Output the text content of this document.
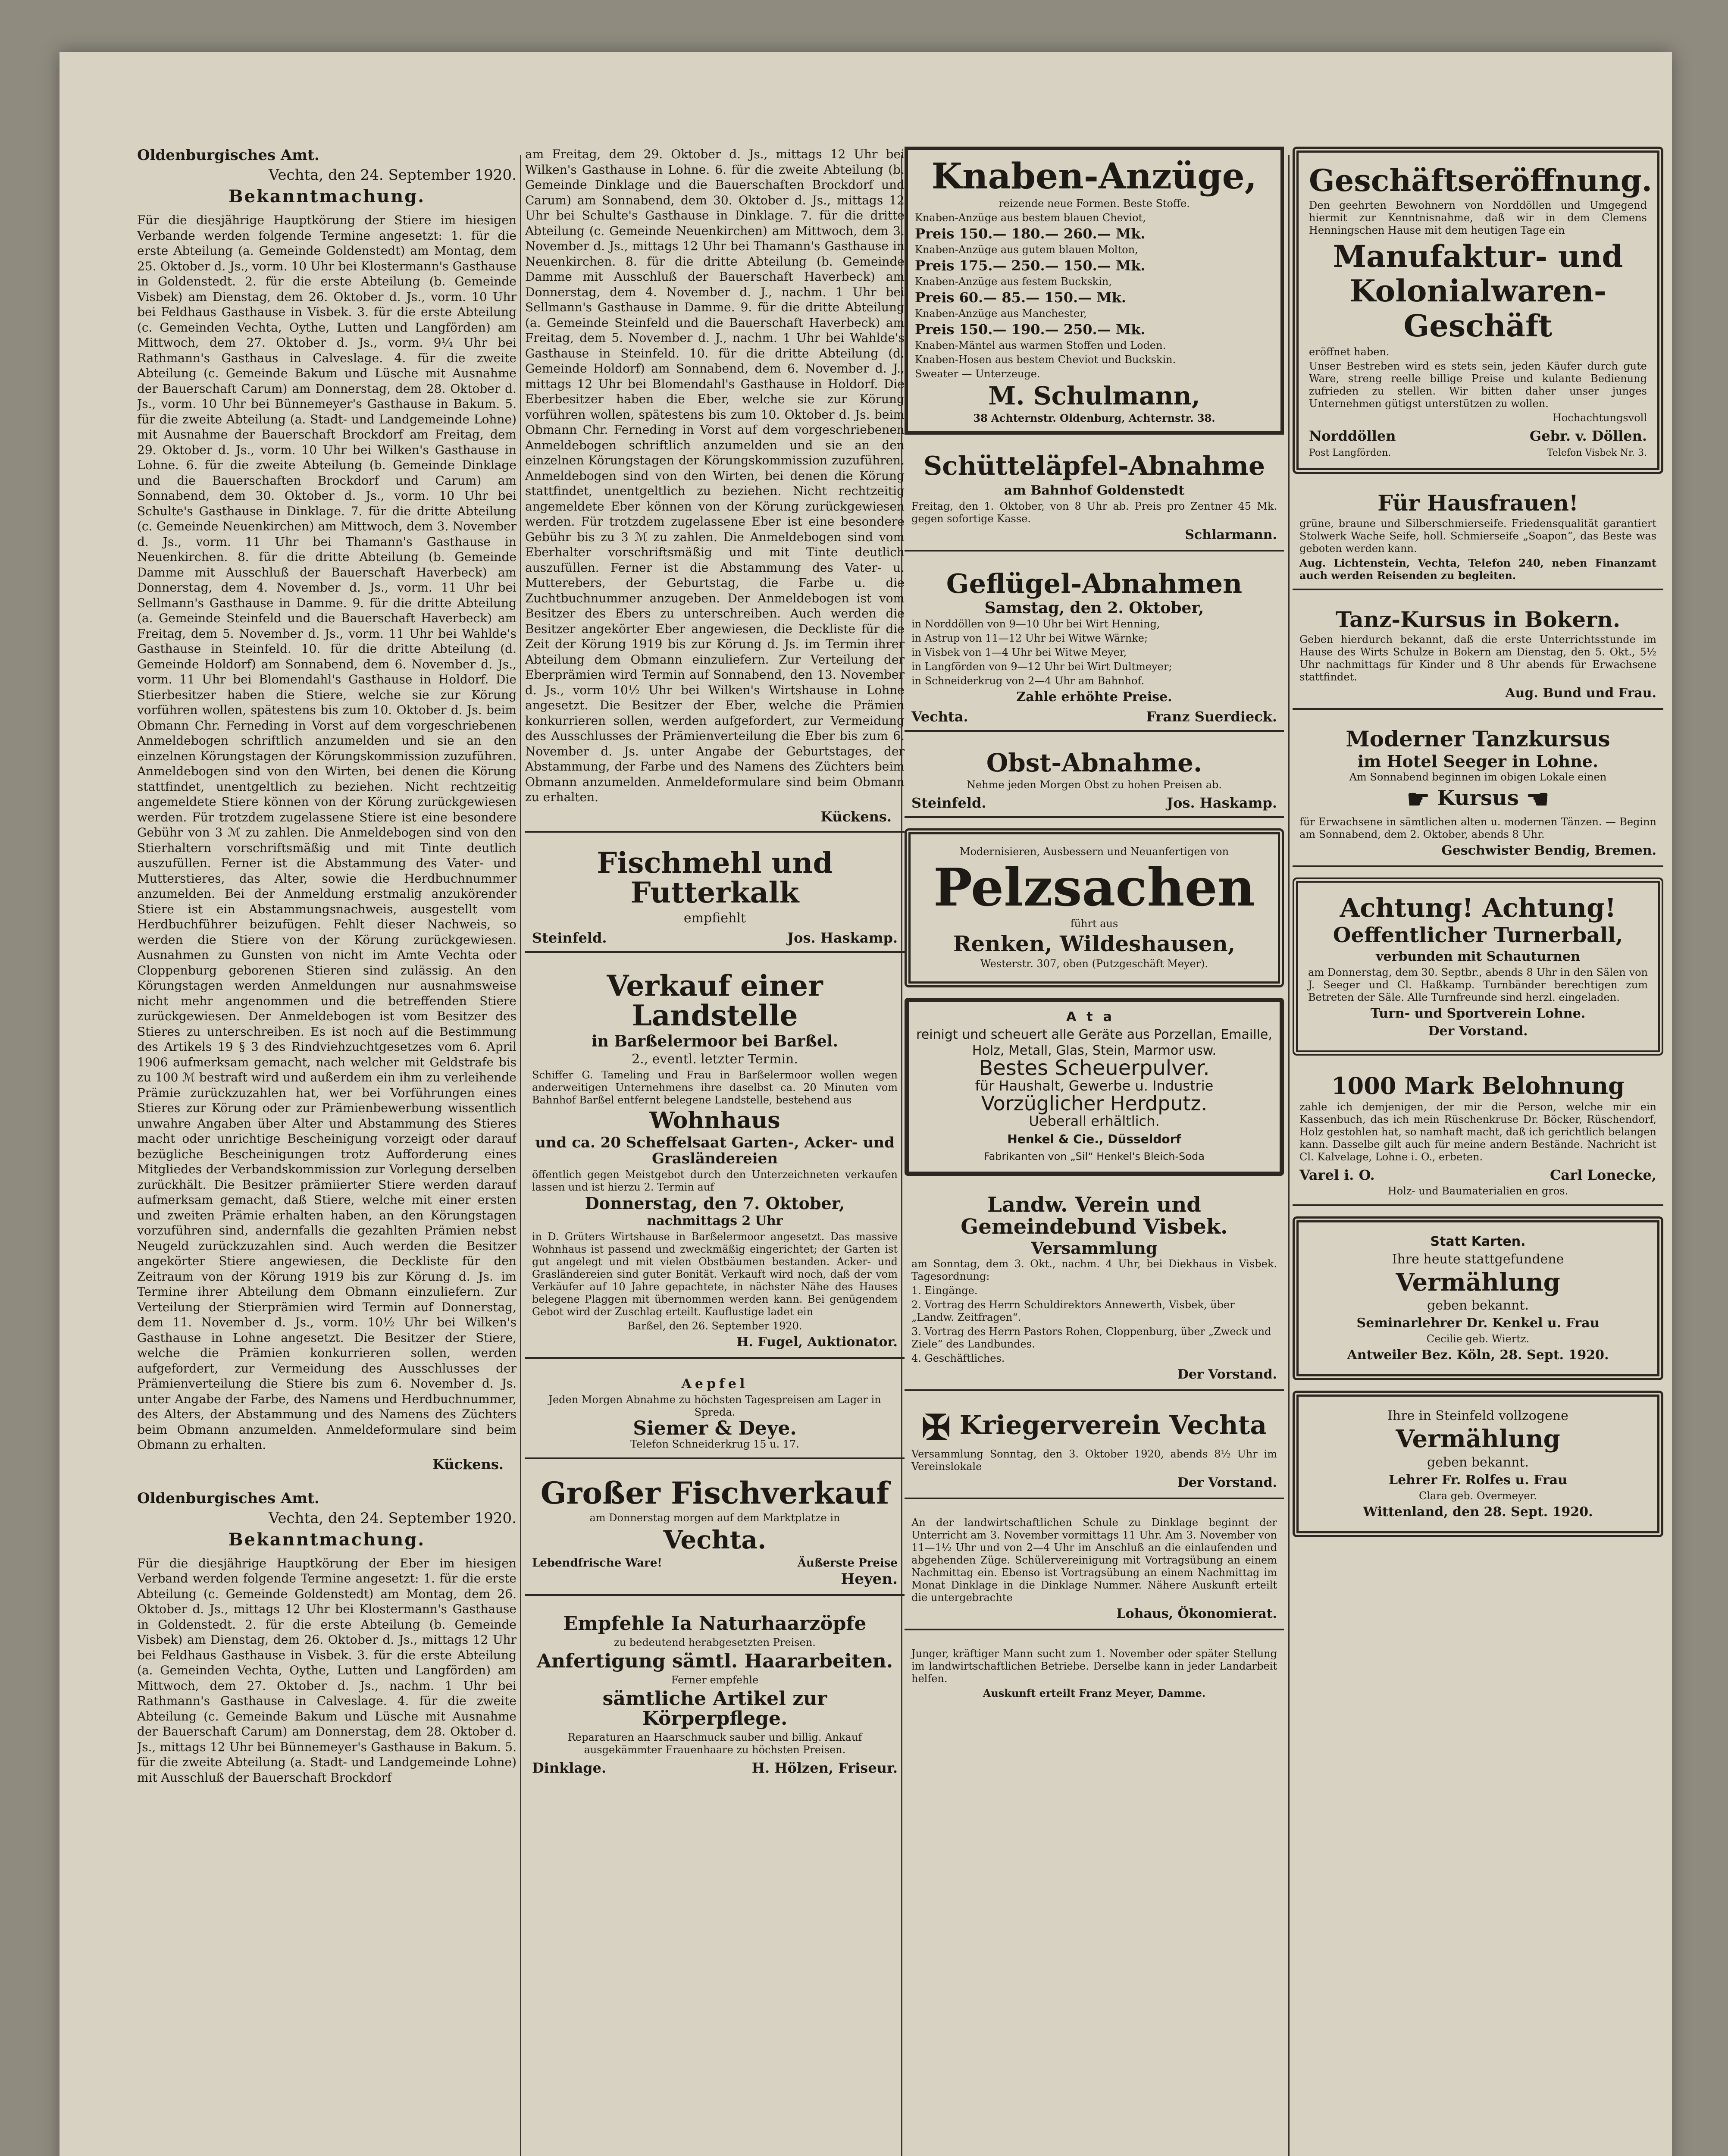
Oldenburgisches Amt.

Vechta, den 24. September 1920.

Bekanntmachung.

Für die diesjährige Hauptkörung der Stiere im hiesigen Verbande werden folgende Termine angesetzt: 1. für die erste Abteilung (a. Gemeinde Goldenstedt) am Montag, dem 25. Oktober d. Js., vorm. 10 Uhr bei Klostermann's Gasthause in Goldenstedt. 2. für die erste Abteilung (b. Gemeinde Visbek) am Dienstag, dem 26. Oktober d. Js., vorm. 10 Uhr bei Feldhaus Gasthause in Visbek. 3. für die erste Abteilung (c. Gemeinden Vechta, Oythe, Lutten und Langförden) am Mittwoch, dem 27. Oktober d. Js., vorm. 9¼ Uhr bei Rathmann's Gasthaus in Calveslage. 4. für die zweite Abteilung (c. Gemeinde Bakum und Lüsche mit Ausnahme der Bauerschaft Carum) am Donnerstag, dem 28. Oktober d. Js., vorm. 10 Uhr bei Bünnemeyer's Gasthause in Bakum. 5. für die zweite Abteilung (a. Stadt- und Landgemeinde Lohne) mit Ausnahme der Bauerschaft Brockdorf am Freitag, dem 29. Oktober d. Js., vorm. 10 Uhr bei Wilken's Gasthause in Lohne. 6. für die zweite Abteilung (b. Gemeinde Dinklage und die Bauerschaften Brockdorf und Carum) am Sonnabend, dem 30. Oktober d. Js., vorm. 10 Uhr bei Schulte's Gasthause in Dinklage. 7. für die dritte Abteilung (c. Gemeinde Neuenkirchen) am Mittwoch, dem 3. November d. Js., vorm. 11 Uhr bei Thamann's Gasthause in Neuenkirchen. 8. für die dritte Abteilung (b. Gemeinde Damme mit Ausschluß der Bauerschaft Haverbeck) am Donnerstag, dem 4. November d. Js., vorm. 11 Uhr bei Sellmann's Gasthause in Damme. 9. für die dritte Abteilung (a. Gemeinde Steinfeld und die Bauerschaft Haverbeck) am Freitag, dem 5. November d. Js., vorm. 11 Uhr bei Wahlde's Gasthause in Steinfeld. 10. für die dritte Abteilung (d. Gemeinde Holdorf) am Sonnabend, dem 6. November d. Js., vorm. 11 Uhr bei Blomendahl's Gasthause in Holdorf. Die Stierbesitzer haben die Stiere, welche sie zur Körung vorführen wollen, spätestens bis zum 10. Oktober d. Js. beim Obmann Chr. Ferneding in Vorst auf dem vorgeschriebenen Anmeldebogen schriftlich anzumelden und sie an den einzelnen Körungstagen der Körungskommission zuzuführen. Anmeldebogen sind von den Wirten, bei denen die Körung stattfindet, unentgeltlich zu beziehen. Nicht rechtzeitig angemeldete Stiere können von der Körung zurückgewiesen werden. Für trotzdem zugelassene Stiere ist eine besondere Gebühr von 3 ℳ zu zahlen. Die Anmeldebogen sind von den Stierhaltern vorschriftsmäßig und mit Tinte deutlich auszufüllen. Ferner ist die Abstammung des Vater- und Mutterstieres, das Alter, sowie die Herdbuchnummer anzumelden. Bei der Anmeldung erstmalig anzukörender Stiere ist ein Abstammungsnachweis, ausgestellt vom Herdbuchführer beizufügen. Fehlt dieser Nachweis, so werden die Stiere von der Körung zurückgewiesen. Ausnahmen zu Gunsten von nicht im Amte Vechta oder Cloppenburg geborenen Stieren sind zulässig. An den Körungstagen werden Anmeldungen nur ausnahmsweise nicht mehr angenommen und die betreffenden Stiere zurückgewiesen. Der Anmeldebogen ist vom Besitzer des Stieres zu unterschreiben. Es ist noch auf die Bestimmung des Artikels 19 § 3 des Rindviehzuchtgesetzes vom 6. April 1906 aufmerksam gemacht, nach welcher mit Geldstrafe bis zu 100 ℳ bestraft wird und außerdem ein ihm zu verleihende Prämie zurückzuzahlen hat, wer bei Vorführungen eines Stieres zur Körung oder zur Prämienbewerbung wissentlich unwahre Angaben über Alter und Abstammung des Stieres macht oder unrichtige Bescheinigung vorzeigt oder darauf bezügliche Bescheinigungen trotz Aufforderung eines Mitgliedes der Verbandskommission zur Vorlegung derselben zurückhält. Die Besitzer prämiierter Stiere werden darauf aufmerksam gemacht, daß Stiere, welche mit einer ersten und zweiten Prämie erhalten haben, an den Körungstagen vorzuführen sind, andernfalls die gezahlten Prämien nebst Neugeld zurückzuzahlen sind. Auch werden die Besitzer angekörter Stiere angewiesen, die Deckliste für den Zeitraum von der Körung 1919 bis zur Körung d. Js. im Termine ihrer Abteilung dem Obmann einzuliefern. Zur Verteilung der Stierprämien wird Termin auf Donnerstag, dem 11. November d. Js., vorm. 10½ Uhr bei Wilken's Gasthause in Lohne angesetzt. Die Besitzer der Stiere, welche die Prämien konkurrieren sollen, werden aufgefordert, zur Vermeidung des Ausschlusses der Prämienverteilung die Stiere bis zum 6. November d. Js. unter Angabe der Farbe, des Namens und Herdbuchnummer, des Alters, der Abstammung und des Namens des Züchters beim Obmann anzumelden. Anmeldeformulare sind beim Obmann zu erhalten.

Kückens.

Oldenburgisches Amt.

Vechta, den 24. September 1920.

Bekanntmachung.

Für die diesjährige Hauptkörung der Eber im hiesigen Verband werden folgende Termine angesetzt: 1. für die erste Abteilung (c. Gemeinde Goldenstedt) am Montag, dem 26. Oktober d. Js., mittags 12 Uhr bei Klostermann's Gasthause in Goldenstedt. 2. für die erste Abteilung (b. Gemeinde Visbek) am Dienstag, dem 26. Oktober d. Js., mittags 12 Uhr bei Feldhaus Gasthause in Visbek. 3. für die erste Abteilung (a. Gemeinden Vechta, Oythe, Lutten und Langförden) am Mittwoch, dem 27. Oktober d. Js., nachm. 1 Uhr bei Rathmann's Gasthause in Calveslage. 4. für die zweite Abteilung (c. Gemeinde Bakum und Lüsche mit Ausnahme der Bauerschaft Carum) am Donnerstag, dem 28. Oktober d. Js., mittags 12 Uhr bei Bünnemeyer's Gasthause in Bakum. 5. für die zweite Abteilung (a. Stadt- und Landgemeinde Lohne) mit Ausschluß der Bauerschaft Brockdorf

am Freitag, dem 29. Oktober d. Js., mittags 12 Uhr bei Wilken's Gasthause in Lohne. 6. für die zweite Abteilung (b. Gemeinde Dinklage und die Bauerschaften Brockdorf und Carum) am Sonnabend, dem 30. Oktober d. Js., mittags 12 Uhr bei Schulte's Gasthause in Dinklage. 7. für die dritte Abteilung (c. Gemeinde Neuenkirchen) am Mittwoch, dem 3. November d. Js., mittags 12 Uhr bei Thamann's Gasthause in Neuenkirchen. 8. für die dritte Abteilung (b. Gemeinde Damme mit Ausschluß der Bauerschaft Haverbeck) am Donnerstag, dem 4. November d. J., nachm. 1 Uhr bei Sellmann's Gasthause in Damme. 9. für die dritte Abteilung (a. Gemeinde Steinfeld und die Bauerschaft Haverbeck) am Freitag, dem 5. November d. J., nachm. 1 Uhr bei Wahlde's Gasthause in Steinfeld. 10. für die dritte Abteilung (d. Gemeinde Holdorf) am Sonnabend, dem 6. November d. J., mittags 12 Uhr bei Blomendahl's Gasthause in Holdorf. Die Eberbesitzer haben die Eber, welche sie zur Körung vorführen wollen, spätestens bis zum 10. Oktober d. Js. beim Obmann Chr. Ferneding in Vorst auf dem vorgeschriebenen Anmeldebogen schriftlich anzumelden und sie an den einzelnen Körungstagen der Körungskommission zuzuführen. Anmeldebogen sind von den Wirten, bei denen die Körung stattfindet, unentgeltlich zu beziehen. Nicht rechtzeitig angemeldete Eber können von der Körung zurückgewiesen werden. Für trotzdem zugelassene Eber ist eine besondere Gebühr bis zu 3 ℳ zu zahlen. Die Anmeldebogen sind vom Eberhalter vorschriftsmäßig und mit Tinte deutlich auszufüllen. Ferner ist die Abstammung des Vater- u. Mutterebers, der Geburtstag, die Farbe u. die Zuchtbuchnummer anzugeben. Der Anmeldebogen ist vom Besitzer des Ebers zu unterschreiben. Auch werden die Besitzer angekörter Eber angewiesen, die Deckliste für die Zeit der Körung 1919 bis zur Körung d. Js. im Termin ihrer Abteilung dem Obmann einzuliefern. Zur Verteilung der Eberprämien wird Termin auf Sonnabend, den 13. November d. Js., vorm 10½ Uhr bei Wilken's Wirtshause in Lohne angesetzt. Die Besitzer der Eber, welche die Prämien konkurrieren sollen, werden aufgefordert, zur Vermeidung des Ausschlusses der Prämienverteilung die Eber bis zum 6. November d. Js. unter Angabe der Geburtstages, der Abstammung, der Farbe und des Namens des Züchters beim Obmann anzumelden. Anmeldeformulare sind beim Obmann zu erhalten.

Kückens.

Fischmehl und Futterkalk

empfiehlt

Steinfeld.	Jos. Haskamp.

Verkauf einer Landstelle

in Barßelermoor bei Barßel.

2., eventl. letzter Termin.

Schiffer G. Tameling und Frau in Barßelermoor wollen wegen anderweitigen Unternehmens ihre daselbst ca. 20 Minuten vom Bahnhof Barßel entfernt belegene Landstelle, bestehend aus

Wohnhaus

und ca. 20 Scheffelsaat Garten-, Acker- und Grasländereien

öffentlich gegen Meistgebot durch den Unterzeichneten verkaufen lassen und ist hierzu 2. Termin auf

Donnerstag, den 7. Oktober,

nachmittags 2 Uhr

in D. Grüters Wirtshause in Barßelermoor angesetzt. Das massive Wohnhaus ist passend und zweckmäßig eingerichtet; der Garten ist gut angelegt und mit vielen Obstbäumen bestanden. Acker- und Grasländereien sind guter Bonität. Verkauft wird noch, daß der vom Verkäufer auf 10 Jahre gepachtete, in nächster Nähe des Hauses belegene Plaggen mit übernommen werden kann. Bei genügendem Gebot wird der Zuschlag erteilt. Kauflustige ladet ein

Barßel, den 26. September 1920.

H. Fugel, Auktionator.

Aepfel

Jeden Morgen Abnahme zu höchsten Tagespreisen am Lager in Spreda.

Siemer & Deye.

Telefon Schneiderkrug 15 u. 17.

Großer Fischverkauf

am Donnerstag morgen auf dem Marktplatze in

Vechta.

Lebendfrische Ware!	Äußerste Preise

Heyen.

Empfehle Ia Naturhaarzöpfe

zu bedeutend herabgesetzten Preisen.

Anfertigung sämtl. Haararbeiten.

Ferner empfehle

sämtliche Artikel zur Körperpflege.

Reparaturen an Haarschmuck sauber und billig. Ankauf ausgekämmter Frauenhaare zu höchsten Preisen.

Dinklage.	H. Hölzen, Friseur.

Knaben-Anzüge,

reizende neue Formen. Beste Stoffe.

Knaben-Anzüge aus bestem blauen Cheviot,

Preis 150.— 180.— 260.— Mk.

Knaben-Anzüge aus gutem blauen Molton,

Preis 175.— 250.— 150.— Mk.

Knaben-Anzüge aus festem Buckskin,

Preis 60.— 85.— 150.— Mk.

Knaben-Anzüge aus Manchester,

Preis 150.— 190.— 250.— Mk.

Knaben-Mäntel aus warmen Stoffen und Loden.

Knaben-Hosen aus bestem Cheviot und Buckskin.

Sweater — Unterzeuge.

M. Schulmann,

38 Achternstr. Oldenburg, Achternstr. 38.

Schütteläpfel-Abnahme

am Bahnhof Goldenstedt

Freitag, den 1. Oktober, von 8 Uhr ab. Preis pro Zentner 45 Mk. gegen sofortige Kasse.

Schlarmann.

Geflügel-Abnahmen

Samstag, den 2. Oktober,

in Norddöllen von 9—10 Uhr bei Wirt Henning,

in Astrup von 11—12 Uhr bei Witwe Wärnke;

in Visbek von 1—4 Uhr bei Witwe Meyer,

in Langförden von 9—12 Uhr bei Wirt Dultmeyer;

in Schneiderkrug von 2—4 Uhr am Bahnhof.

Zahle erhöhte Preise.

Vechta.	Franz Suerdieck.

Obst-Abnahme.

Nehme jeden Morgen Obst zu hohen Preisen ab.

Steinfeld.	Jos. Haskamp.

Modernisieren, Ausbessern und Neuanfertigen von

Pelzsachen

führt aus

Renken, Wildeshausen,

Westerstr. 307, oben (Putzgeschäft Meyer).

Ata

reinigt und scheuert alle Geräte aus Porzellan, Emaille, Holz, Metall, Glas, Stein, Marmor usw.

Bestes Scheuerpulver.

für Haushalt, Gewerbe u. Industrie

Vorzüglicher Herdputz.

Ueberall erhältlich.

Henkel & Cie., Düsseldorf

Fabrikanten von „Sil“ Henkel's Bleich-Soda

Landw. Verein und Gemeindebund Visbek.

Versammlung

am Sonntag, dem 3. Okt., nachm. 4 Uhr, bei Diekhaus in Visbek. Tagesordnung:

1. Eingänge.

2. Vortrag des Herrn Schuldirektors Annewerth, Visbek, über „Landw. Zeitfragen“.

3. Vortrag des Herrn Pastors Rohen, Cloppenburg, über „Zweck und Ziele“ des Landbundes.

4. Geschäftliches.

Der Vorstand.

✠ Kriegerverein Vechta

Versammlung Sonntag, den 3. Oktober 1920, abends 8½ Uhr im Vereinslokale

Der Vorstand.

An der landwirtschaftlichen Schule zu Dinklage beginnt der Unterricht am 3. November vormittags 11 Uhr. Am 3. November von 11—1½ Uhr und von 2—4 Uhr im Anschluß an die einlaufenden und abgehenden Züge. Schülervereinigung mit Vortragsübung an einem Nachmittag ein. Ebenso ist Vortragsübung an einem Nachmittag im Monat Dinklage in die Dinklage Nummer. Nähere Auskunft erteilt die untergebrachte

Lohaus, Ökonomierat.

Junger, kräftiger Mann sucht zum 1. November oder später Stellung im landwirtschaftlichen Betriebe. Derselbe kann in jeder Landarbeit helfen.

Auskunft erteilt Franz Meyer, Damme.

Geschäftseröffnung.

Den geehrten Bewohnern von Norddöllen und Umgegend hiermit zur Kenntnisnahme, daß wir in dem Clemens Henningschen Hause mit dem heutigen Tage ein

Manufaktur- und Kolonialwaren-Geschäft

eröffnet haben.

Unser Bestreben wird es stets sein, jeden Käufer durch gute Ware, streng reelle billige Preise und kulante Bedienung zufrieden zu stellen. Wir bitten daher unser junges Unternehmen gütigst unterstützen zu wollen.

Hochachtungsvoll

Norddöllen	Gebr. v. Döllen.
Post Langförden.	Telefon Visbek Nr. 3.

Für Hausfrauen!

grüne, braune und Silberschmierseife. Friedensqualität garantiert Stolwerk Wache Seife, holl. Schmierseife „Soapon“, das Beste was geboten werden kann.

Aug. Lichtenstein, Vechta, Telefon 240, neben Finanzamt auch werden Reisenden zu begleiten.

Tanz-Kursus in Bokern.

Geben hierdurch bekannt, daß die erste Unterrichtsstunde im Hause des Wirts Schulze in Bokern am Dienstag, den 5. Okt., 5½ Uhr nachmittags für Kinder und 8 Uhr abends für Erwachsene stattfindet.

Aug. Bund und Frau.

Moderner Tanzkursus

im Hotel Seeger in Lohne.

Am Sonnabend beginnen im obigen Lokale einen

☛ Kursus ☚

für Erwachsene in sämtlichen alten u. modernen Tänzen. — Beginn am Sonnabend, dem 2. Oktober, abends 8 Uhr.

Geschwister Bendig, Bremen.

Achtung! Achtung!

Oeffentlicher Turnerball,

verbunden mit Schauturnen

am Donnerstag, dem 30. Septbr., abends 8 Uhr in den Sälen von J. Seeger und Cl. Haßkamp. Turnbänder berechtigen zum Betreten der Säle. Alle Turnfreunde sind herzl. eingeladen.

Turn- und Sportverein Lohne.

Der Vorstand.

1000 Mark Belohnung

zahle ich demjenigen, der mir die Person, welche mir ein Kassenbuch, das ich mein Rüschenkruse Dr. Böcker, Rüschendorf, Holz gestohlen hat, so namhaft macht, daß ich gerichtlich belangen kann. Dasselbe gilt auch für meine andern Bestände. Nachricht ist Cl. Kalvelage, Lohne i. O., erbeten.

Varel i. O.	Carl Lonecke,

Holz- und Baumaterialien en gros.

Statt Karten.

Ihre heute stattgefundene

Vermählung

geben bekannt.

Seminarlehrer Dr. Kenkel u. Frau

Cecilie geb. Wiertz.

Antweiler Bez. Köln, 28. Sept. 1920.

Ihre in Steinfeld vollzogene

Vermählung

geben bekannt.

Lehrer Fr. Rolfes u. Frau

Clara geb. Overmeyer.

Wittenland, den 28. Sept. 1920.
